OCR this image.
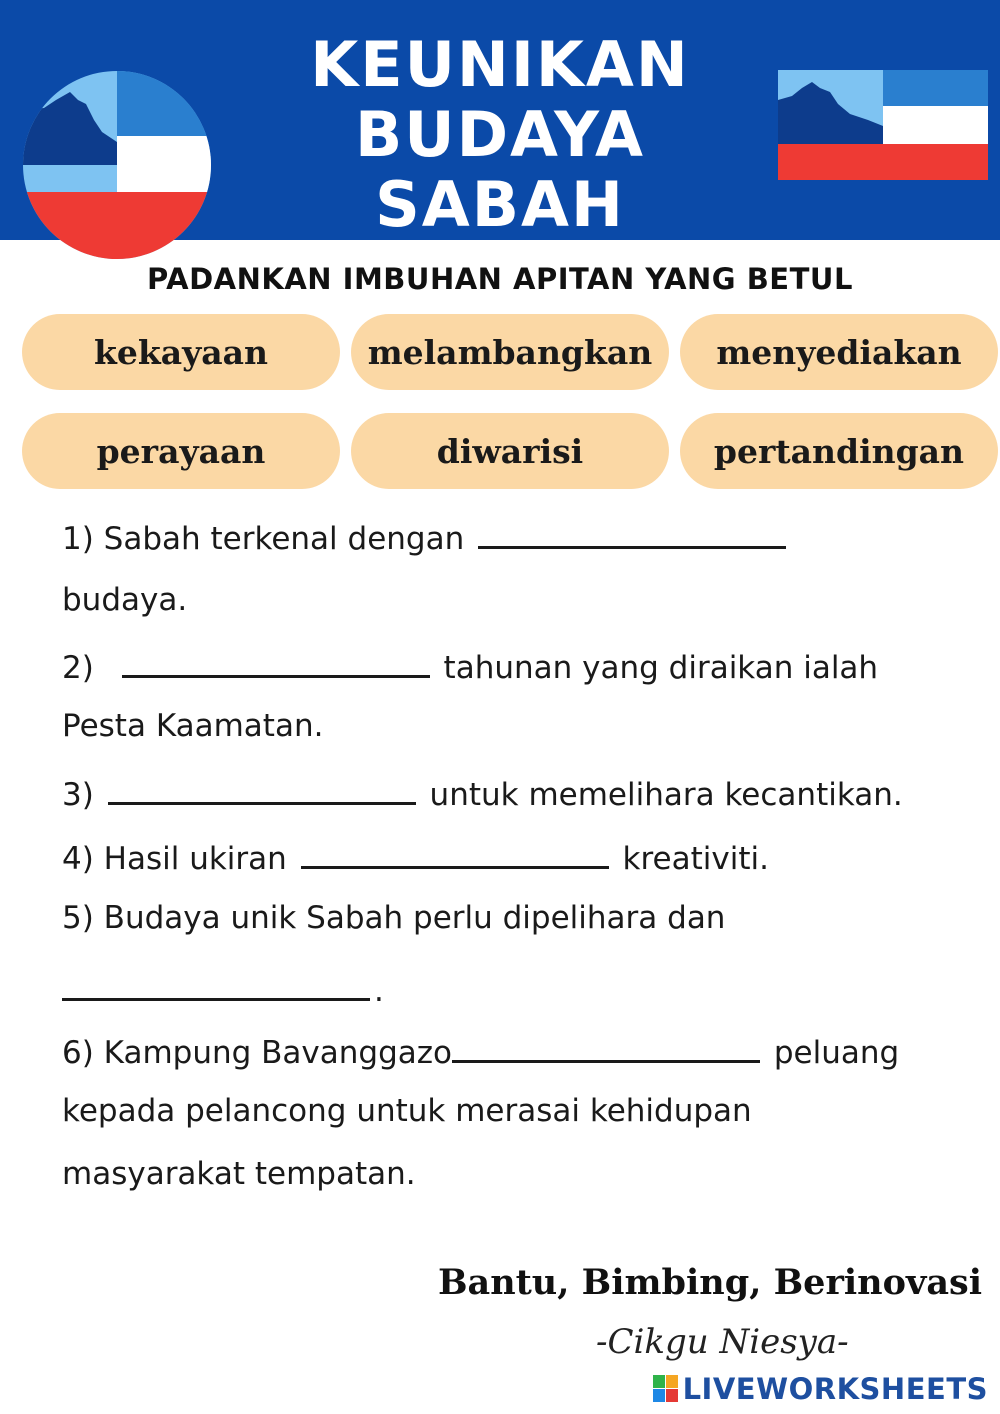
KEUNIKAN BUDAYA
SABAH
PADANKAN IMBUHAN APITAN YANG BETUL
kekayaan	melambangkan menyediakan
perayaan	diwarisi	pertandingan
1) Sabah terkenal dengan
budaya.
2)	tahunan yang diraikan ialah
Pesta Kaamatan.
3)	untuk memelihara kecantikan.
4) Hasil ukiran	kreativiti.
5) Budaya unik Sabah perlu dipelihara dan
.
6) Kampung Bavanggazo	peluang
kepada pelancong untuk merasai kehidupan
masyarakat tempatan.
Bantu, Bimbing, Berinovasi
-Cikgu Niesya-
LIVEWORKSHEETS
